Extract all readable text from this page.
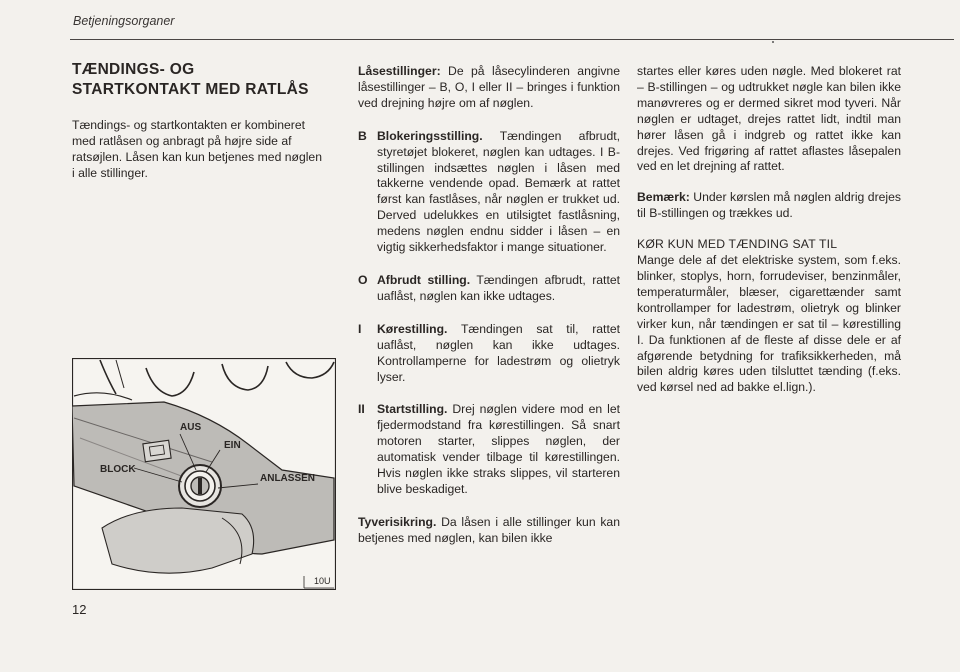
Betjeningsorganer
TÆNDINGS- OG
STARTKONTAKT MED RATLÅS

Tændings- og startkontakten er kombineret med ratlåsen og anbragt på højre side af ratsøjlen. Låsen kan kun betjenes med nøglen i alle stillinger.

AUS
EIN
BLOCK
ANLASSEN
10U

Låsestillinger: De på låsecylinderen angivne låsestillinger – B, O, I eller II – bringes i funktion ved drejning højre om af nøglen.

B Blokeringsstilling. Tændingen afbrudt, styretøjet blokeret, nøglen kan udtages. I B-stillingen indsættes nøglen i låsen med takkerne vendende opad. Bemærk at rattet først kan fastlåses, når nøglen er trukket ud. Derved udelukkes en utilsigtet fastlåsning, medens nøglen endnu sidder i låsen – en vigtig sikkerhedsfaktor i mange situationer.

O Afbrudt stilling. Tændingen afbrudt, rattet uaflåst, nøglen kan ikke udtages.

I Kørestilling. Tændingen sat til, rattet uaflåst, nøglen kan ikke udtages. Kontrollamperne for ladestrøm og olietryk lyser.

II Startstilling. Drej nøglen videre mod en let fjedermodstand fra kørestillingen. Så snart motoren starter, slippes nøglen, der automatisk vender tilbage til kørestillingen. Hvis nøglen ikke straks slippes, vil starteren blive beskadiget.

Tyverisikring. Da låsen i alle stillinger kun kan betjenes med nøglen, kan bilen ikke

startes eller køres uden nøgle. Med blokeret rat – B-stillingen – og udtrukket nøgle kan bilen ikke manøvreres og er dermed sikret mod tyveri. Når nøglen er udtaget, drejes rattet lidt, indtil man hører låsen gå i indgreb og rattet ikke kan drejes. Ved frigøring af rattet aflastes låsepalen ved en let drejning af rattet.

Bemærk: Under kørslen må nøglen aldrig drejes til B-stillingen og trækkes ud.

KØR KUN MED TÆNDING SAT TIL

Mange dele af det elektriske system, som f.eks. blinker, stoplys, horn, forrudeviser, benzinmåler, temperaturmåler, blæser, cigarettænder samt kontrollamper for ladestrøm, olietryk og blinker virker kun, når tændingen er sat til – kørestilling I. Da funktionen af de fleste af disse dele er af afgørende betydning for trafiksikkerheden, må bilen aldrig køres uden tilsluttet tænding (f.eks. ved kørsel ned ad bakke el.lign.).

12
